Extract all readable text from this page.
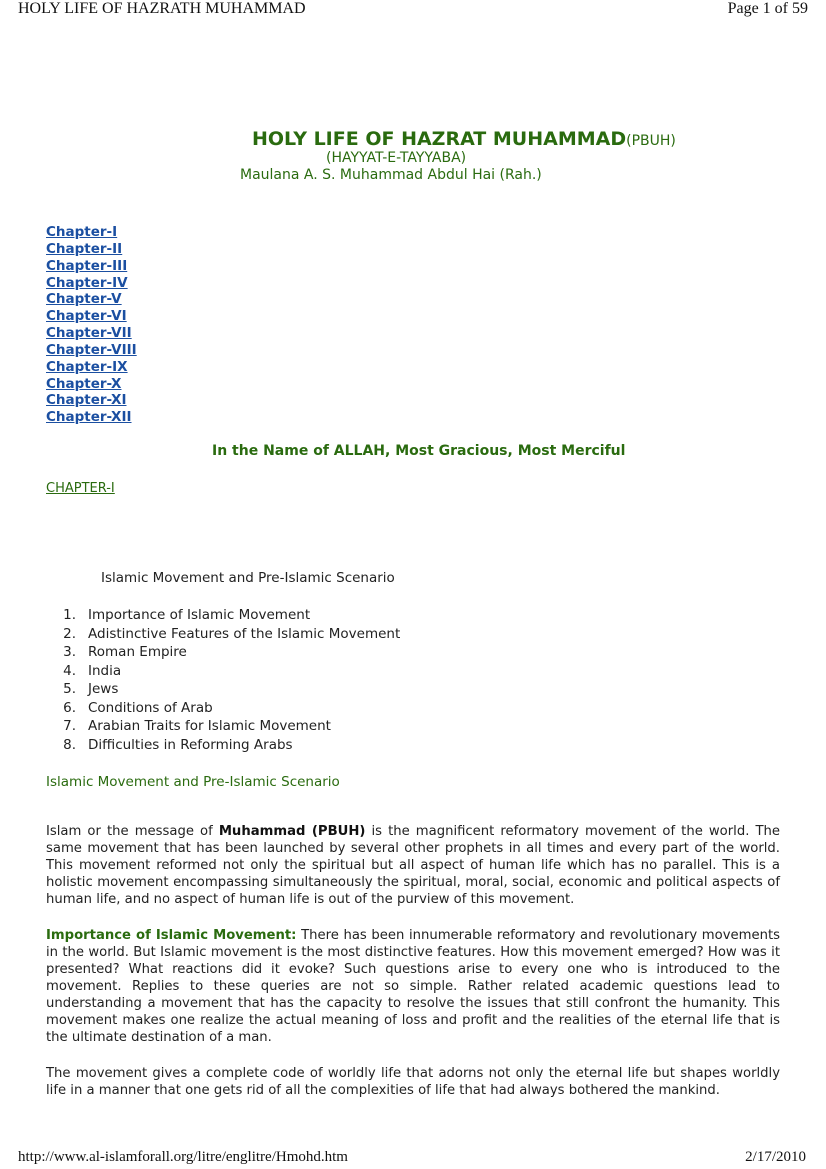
HOLY LIFE OF HAZRATH MUHAMMAD	Page 1 of 59
HOLY LIFE OF HAZRAT MUHAMMAD(PBUH)
(HAYYAT-E-TAYYABA)
Maulana A. S. Muhammad Abdul Hai (Rah.)
Chapter-I
Chapter-II
Chapter-III
Chapter-IV
Chapter-V
Chapter-VI
Chapter-VII
Chapter-VIII
Chapter-IX
Chapter-X
Chapter-XI
Chapter-XII
In the Name of ALLAH, Most Gracious, Most Merciful
CHAPTER-I
Islamic Movement and Pre-Islamic Scenario
1. Importance of Islamic Movement
2. Adistinctive Features of the Islamic Movement
3. Roman Empire
4. India
5. Jews
6. Conditions of Arab
7. Arabian Traits for Islamic Movement
8. Difficulties in Reforming Arabs
Islamic Movement and Pre-Islamic Scenario

Islam or the message of Muhammad (PBUH) is the magnificent reformatory movement of the world. The same movement that has been launched by several other prophets in all times and every part of the world. This movement reformed not only the spiritual but all aspect of human life which has no parallel. This is a holistic movement encompassing simultaneously the spiritual, moral, social, economic and political aspects of human life, and no aspect of human life is out of the purview of this movement.

Importance of Islamic Movement: There has been innumerable reformatory and revolutionary movements in the world. But Islamic movement is the most distinctive features. How this movement emerged? How was it presented? What reactions did it evoke? Such questions arise to every one who is introduced to the movement. Replies to these queries are not so simple. Rather related academic questions lead to understanding a movement that has the capacity to resolve the issues that still confront the humanity. This movement makes one realize the actual meaning of loss and profit and the realities of the eternal life that is the ultimate destination of a man.

The movement gives a complete code of worldly life that adorns not only the eternal life but shapes worldly life in a manner that one gets rid of all the complexities of life that had always bothered the mankind.

http://www.al-islamforall.org/litre/englitre/Hmohd.htm	2/17/2010
